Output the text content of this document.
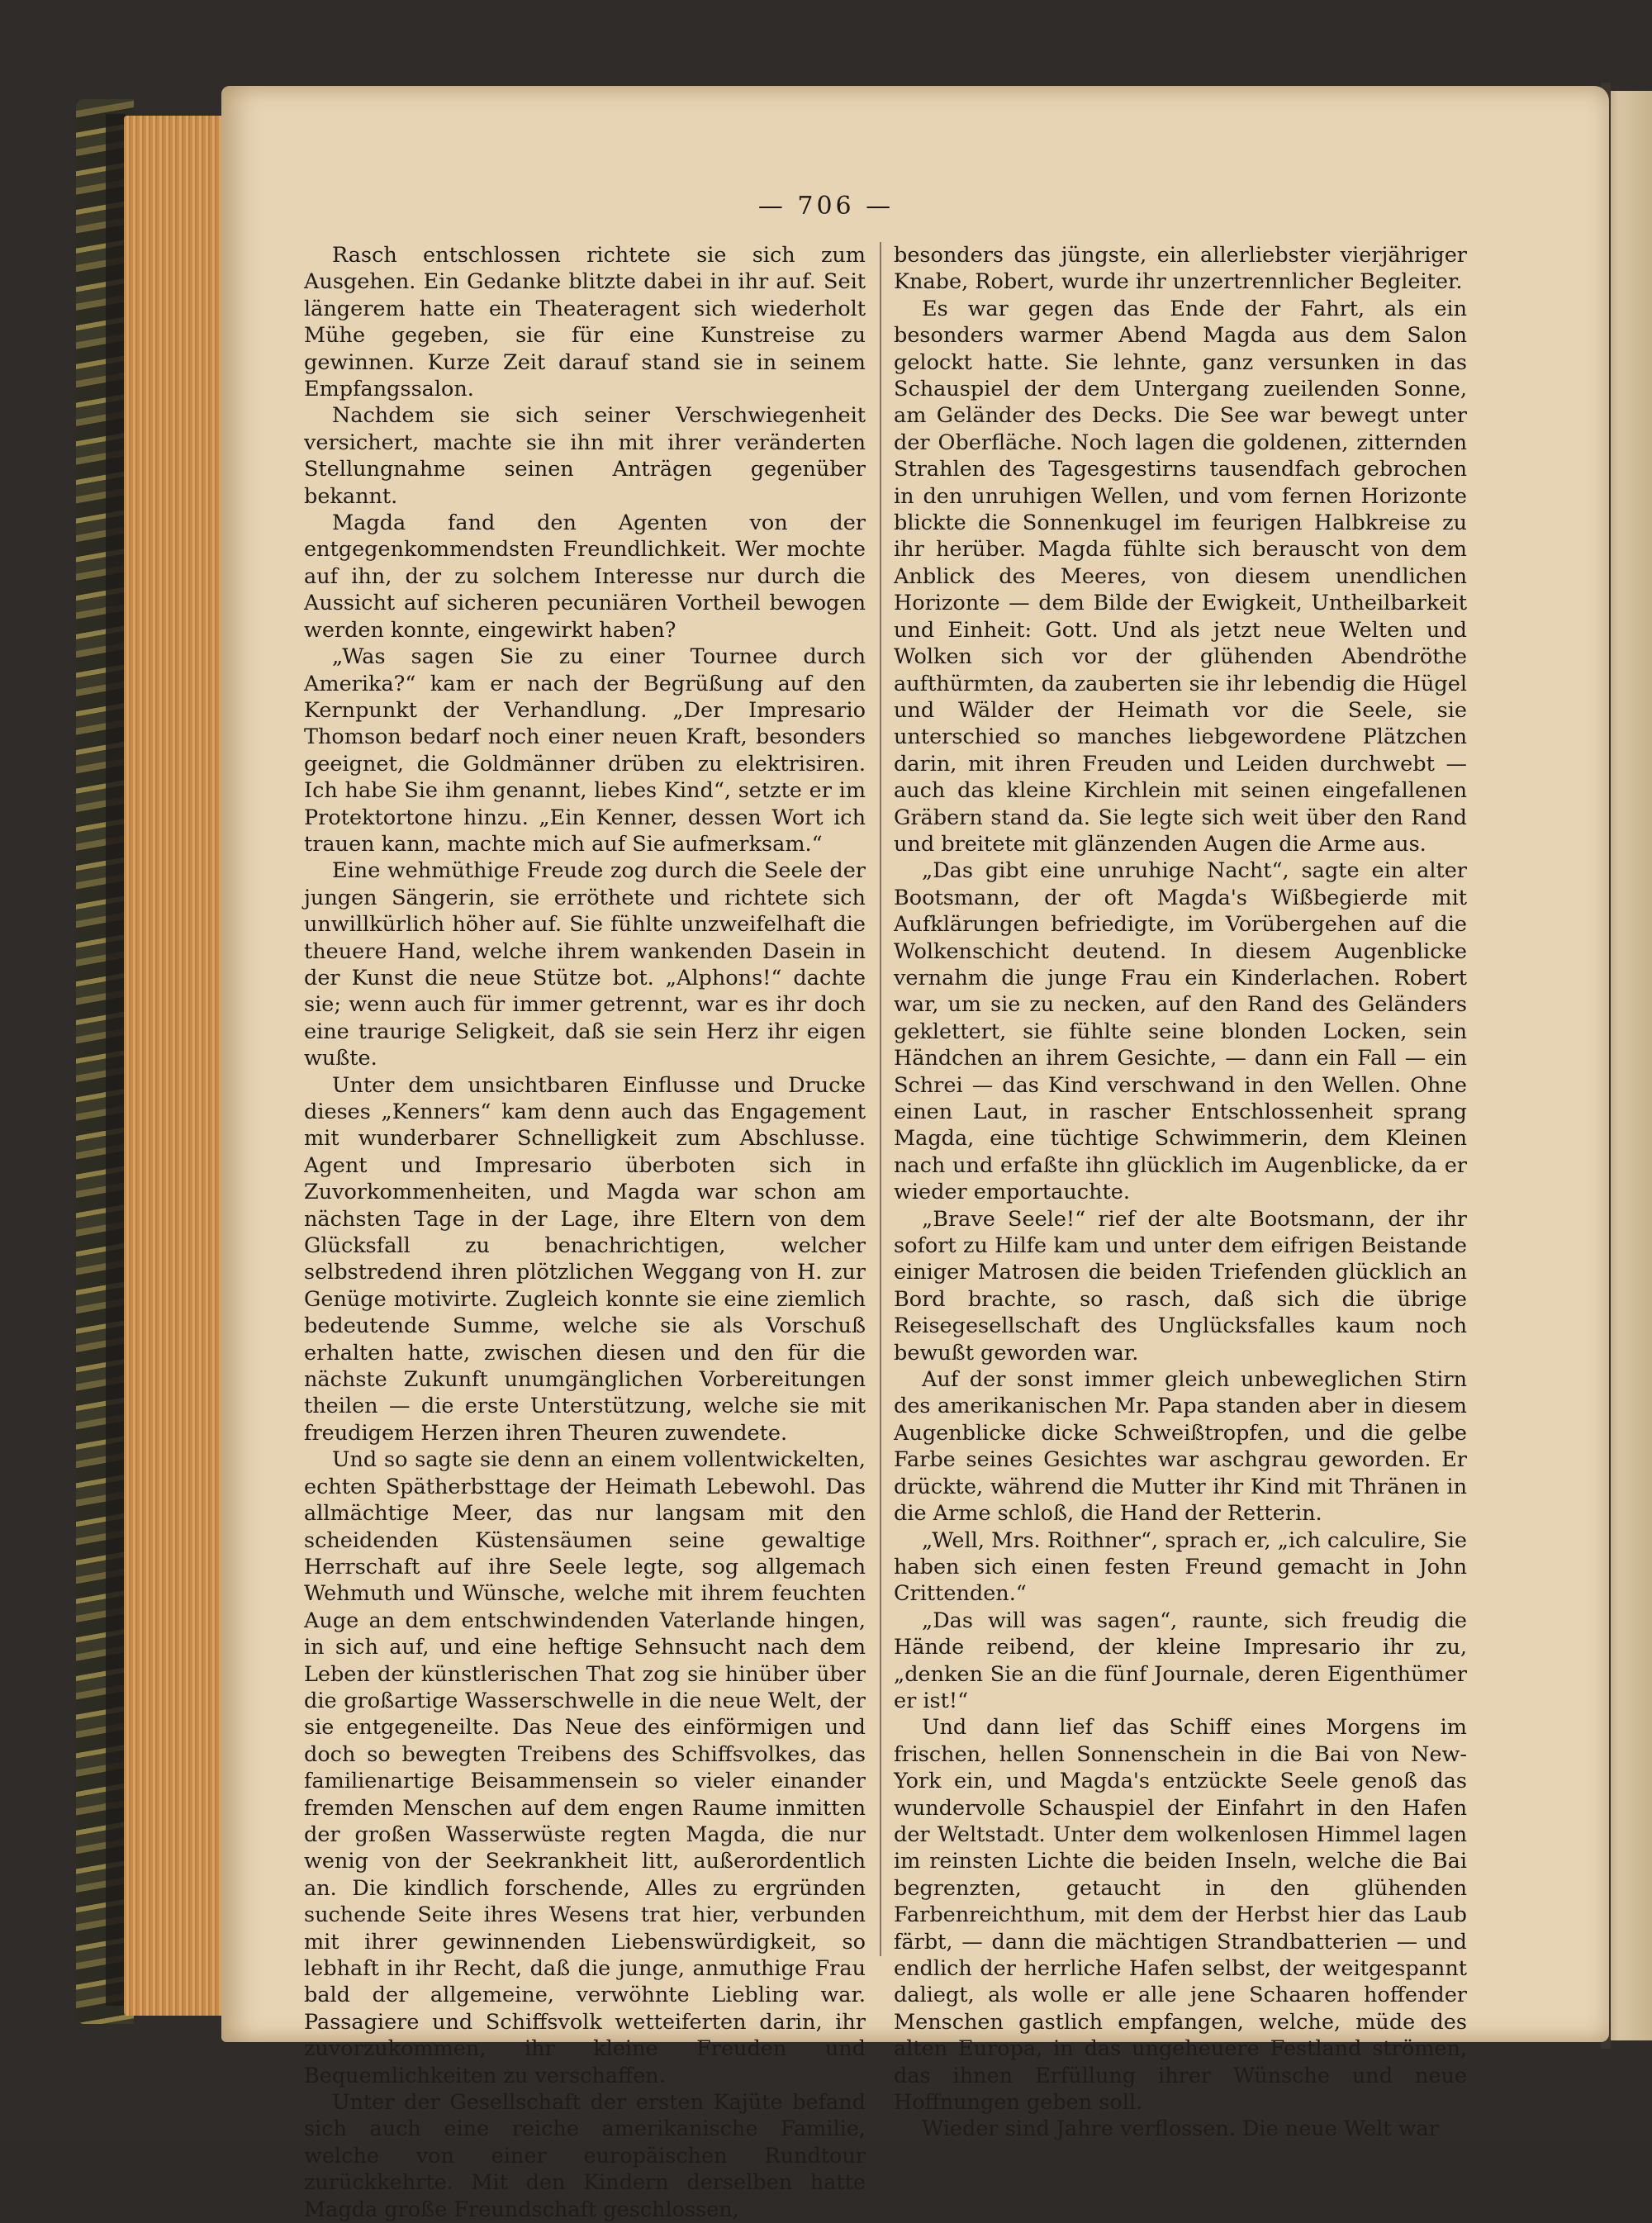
— 706 —

Rasch entschlossen richtete sie sich zum Ausgehen. Ein Gedanke blitzte dabei in ihr auf. Seit längerem hatte ein Theateragent sich wiederholt Mühe gegeben, sie für eine Kunstreise zu gewinnen. Kurze Zeit darauf stand sie in seinem Empfangssalon.

Nachdem sie sich seiner Verschwiegenheit versichert, machte sie ihn mit ihrer veränderten Stellungnahme seinen Anträgen gegenüber bekannt.

Magda fand den Agenten von der entgegenkommendsten Freundlichkeit. Wer mochte auf ihn, der zu solchem Interesse nur durch die Aussicht auf sicheren pecuniären Vortheil bewogen werden konnte, eingewirkt haben?

„Was sagen Sie zu einer Tournee durch Amerika?“ kam er nach der Begrüßung auf den Kernpunkt der Verhandlung. „Der Impresario Thomson bedarf noch einer neuen Kraft, besonders geeignet, die Goldmänner drüben zu elektrisiren. Ich habe Sie ihm genannt, liebes Kind“, setzte er im Protektortone hinzu. „Ein Kenner, dessen Wort ich trauen kann, machte mich auf Sie aufmerksam.“

Eine wehmüthige Freude zog durch die Seele der jungen Sängerin, sie erröthete und richtete sich unwillkürlich höher auf. Sie fühlte unzweifelhaft die theuere Hand, welche ihrem wankenden Dasein in der Kunst die neue Stütze bot. „Alphons!“ dachte sie; wenn auch für immer getrennt, war es ihr doch eine traurige Seligkeit, daß sie sein Herz ihr eigen wußte.

Unter dem unsichtbaren Einflusse und Drucke dieses „Kenners“ kam denn auch das Engagement mit wunderbarer Schnelligkeit zum Abschlusse. Agent und Impresario überboten sich in Zuvorkommenheiten, und Magda war schon am nächsten Tage in der Lage, ihre Eltern von dem Glücksfall zu benachrichtigen, welcher selbstredend ihren plötzlichen Weggang von H. zur Genüge motivirte. Zugleich konnte sie eine ziemlich bedeutende Summe, welche sie als Vorschuß erhalten hatte, zwischen diesen und den für die nächste Zukunft unumgänglichen Vorbereitungen theilen — die erste Unterstützung, welche sie mit freudigem Herzen ihren Theuren zuwendete.

Und so sagte sie denn an einem vollentwickelten, echten Spätherbsttage der Heimath Lebewohl. Das allmächtige Meer, das nur langsam mit den scheidenden Küstensäumen seine gewaltige Herrschaft auf ihre Seele legte, sog allgemach Wehmuth und Wünsche, welche mit ihrem feuchten Auge an dem entschwindenden Vaterlande hingen, in sich auf, und eine heftige Sehnsucht nach dem Leben der künstlerischen That zog sie hinüber über die großartige Wasserschwelle in die neue Welt, der sie entgegeneilte. Das Neue des einförmigen und doch so bewegten Treibens des Schiffsvolkes, das familienartige Beisammensein so vieler einander fremden Menschen auf dem engen Raume inmitten der großen Wasserwüste regten Magda, die nur wenig von der Seekrankheit litt, außerordentlich an. Die kindlich forschende, Alles zu ergründen suchende Seite ihres Wesens trat hier, verbunden mit ihrer gewinnenden Liebenswürdigkeit, so lebhaft in ihr Recht, daß die junge, anmuthige Frau bald der allgemeine, verwöhnte Liebling war. Passagiere und Schiffsvolk wetteiferten darin, ihr zuvorzukommen, ihr kleine Freuden und Bequemlichkeiten zu verschaffen.

Unter der Gesellschaft der ersten Kajüte befand sich auch eine reiche amerikanische Familie, welche von einer europäischen Rundtour zurückkehrte. Mit den Kindern derselben hatte Magda große Freundschaft geschlossen,

besonders das jüngste, ein allerliebster vierjähriger Knabe, Robert, wurde ihr unzertrennlicher Begleiter.

Es war gegen das Ende der Fahrt, als ein besonders warmer Abend Magda aus dem Salon gelockt hatte. Sie lehnte, ganz versunken in das Schauspiel der dem Untergang zueilenden Sonne, am Geländer des Decks. Die See war bewegt unter der Oberfläche. Noch lagen die goldenen, zitternden Strahlen des Tagesgestirns tausendfach gebrochen in den unruhigen Wellen, und vom fernen Horizonte blickte die Sonnenkugel im feurigen Halbkreise zu ihr herüber. Magda fühlte sich berauscht von dem Anblick des Meeres, von diesem unendlichen Horizonte — dem Bilde der Ewigkeit, Untheilbarkeit und Einheit: Gott. Und als jetzt neue Welten und Wolken sich vor der glühenden Abendröthe aufthürmten, da zauberten sie ihr lebendig die Hügel und Wälder der Heimath vor die Seele, sie unterschied so manches liebgewordene Plätzchen darin, mit ihren Freuden und Leiden durchwebt — auch das kleine Kirchlein mit seinen eingefallenen Gräbern stand da. Sie legte sich weit über den Rand und breitete mit glänzenden Augen die Arme aus.

„Das gibt eine unruhige Nacht“, sagte ein alter Bootsmann, der oft Magda's Wißbegierde mit Aufklärungen befriedigte, im Vorübergehen auf die Wolkenschicht deutend. In diesem Augenblicke vernahm die junge Frau ein Kinderlachen. Robert war, um sie zu necken, auf den Rand des Geländers geklettert, sie fühlte seine blonden Locken, sein Händchen an ihrem Gesichte, — dann ein Fall — ein Schrei — das Kind verschwand in den Wellen. Ohne einen Laut, in rascher Entschlossenheit sprang Magda, eine tüchtige Schwimmerin, dem Kleinen nach und erfaßte ihn glücklich im Augenblicke, da er wieder emportauchte.

„Brave Seele!“ rief der alte Bootsmann, der ihr sofort zu Hilfe kam und unter dem eifrigen Beistande einiger Matrosen die beiden Triefenden glücklich an Bord brachte, so rasch, daß sich die übrige Reisegesellschaft des Unglücksfalles kaum noch bewußt geworden war.

Auf der sonst immer gleich unbeweglichen Stirn des amerikanischen Mr. Papa standen aber in diesem Augenblicke dicke Schweißtropfen, und die gelbe Farbe seines Gesichtes war aschgrau geworden. Er drückte, während die Mutter ihr Kind mit Thränen in die Arme schloß, die Hand der Retterin.

„Well, Mrs. Roithner“, sprach er, „ich calculire, Sie haben sich einen festen Freund gemacht in John Crittenden.“

„Das will was sagen“, raunte, sich freudig die Hände reibend, der kleine Impresario ihr zu, „denken Sie an die fünf Journale, deren Eigenthümer er ist!“

Und dann lief das Schiff eines Morgens im frischen, hellen Sonnenschein in die Bai von New-York ein, und Magda's entzückte Seele genoß das wundervolle Schauspiel der Einfahrt in den Hafen der Weltstadt. Unter dem wolkenlosen Himmel lagen im reinsten Lichte die beiden Inseln, welche die Bai begrenzten, getaucht in den glühenden Farbenreichthum, mit dem der Herbst hier das Laub färbt, — dann die mächtigen Strandbatterien — und endlich der herrliche Hafen selbst, der weitgespannt daliegt, als wolle er alle jene Schaaren hoffender Menschen gastlich empfangen, welche, müde des alten Europa, in das ungeheuere Festland strömen, das ihnen Erfüllung ihrer Wünsche und neue Hoffnungen geben soll.

Wieder sind Jahre verflossen. Die neue Welt war
